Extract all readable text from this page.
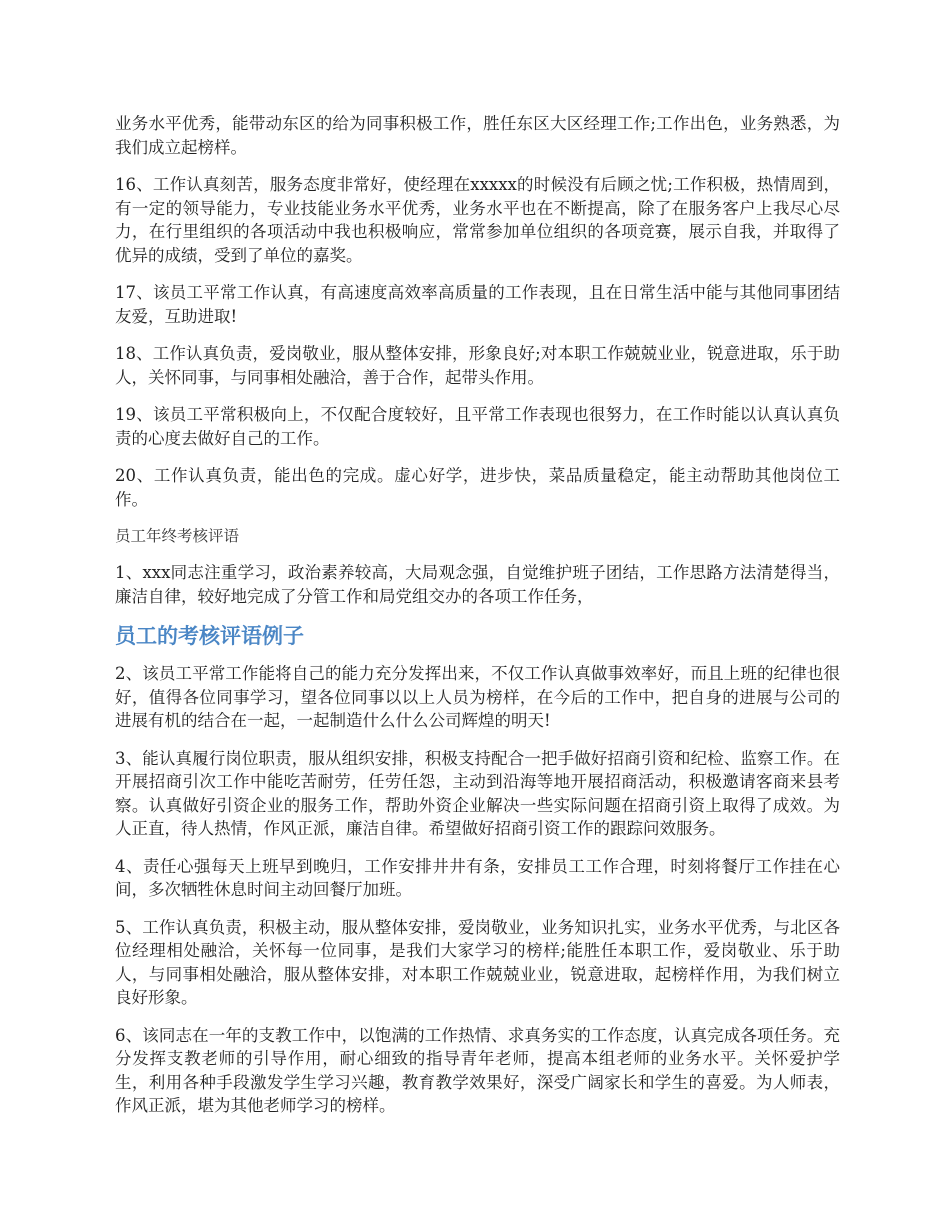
业务水平优秀，能带动东区的给为同事积极工作，胜任东区大区经理工作;工作出色，业务熟悉，为我们成立起榜样。

16、工作认真刻苦，服务态度非常好，使经理在xxxxx的时候没有后顾之忧;工作积极，热情周到，有一定的领导能力，专业技能业务水平优秀，业务水平也在不断提高，除了在服务客户上我尽心尽力，在行里组织的各项活动中我也积极响应，常常参加单位组织的各项竞赛，展示自我，并取得了优异的成绩，受到了单位的嘉奖。

17、该员工平常工作认真，有高速度高效率高质量的工作表现，且在日常生活中能与其他同事团结友爱，互助进取!

18、工作认真负责，爱岗敬业，服从整体安排，形象良好;对本职工作兢兢业业，锐意进取，乐于助人，关怀同事，与同事相处融洽，善于合作，起带头作用。

19、该员工平常积极向上，不仅配合度较好，且平常工作表现也很努力，在工作时能以认真认真负责的心度去做好自己的工作。

20、工作认真负责，能出色的完成。虚心好学，进步快，菜品质量稳定，能主动帮助其他岗位工作。

员工年终考核评语

1、xxx同志注重学习，政治素养较高，大局观念强，自觉维护班子团结，工作思路方法清楚得当，廉洁自律，较好地完成了分管工作和局党组交办的各项工作任务，

员工的考核评语例子

2、该员工平常工作能将自己的能力充分发挥出来，不仅工作认真做事效率好，而且上班的纪律也很好，值得各位同事学习，望各位同事以以上人员为榜样，在今后的工作中，把自身的进展与公司的进展有机的结合在一起，一起制造什么什么公司辉煌的明天!

3、能认真履行岗位职责，服从组织安排，积极支持配合一把手做好招商引资和纪检、监察工作。在开展招商引次工作中能吃苦耐劳，任劳任怨，主动到沿海等地开展招商活动，积极邀请客商来县考察。认真做好引资企业的服务工作，帮助外资企业解决一些实际问题在招商引资上取得了成效。为人正直，待人热情，作风正派，廉洁自律。希望做好招商引资工作的跟踪问效服务。

4、责任心强每天上班早到晚归，工作安排井井有条，安排员工工作合理，时刻将餐厅工作挂在心间，多次牺牲休息时间主动回餐厅加班。

5、工作认真负责，积极主动，服从整体安排，爱岗敬业，业务知识扎实，业务水平优秀，与北区各位经理相处融洽，关怀每一位同事，是我们大家学习的榜样;能胜任本职工作，爱岗敬业、乐于助人，与同事相处融洽，服从整体安排，对本职工作兢兢业业，锐意进取，起榜样作用，为我们树立良好形象。

6、该同志在一年的支教工作中，以饱满的工作热情、求真务实的工作态度，认真完成各项任务。充分发挥支教老师的引导作用，耐心细致的指导青年老师，提高本组老师的业务水平。关怀爱护学生，利用各种手段激发学生学习兴趣，教育教学效果好，深受广阔家长和学生的喜爱。为人师表，作风正派，堪为其他老师学习的榜样。
